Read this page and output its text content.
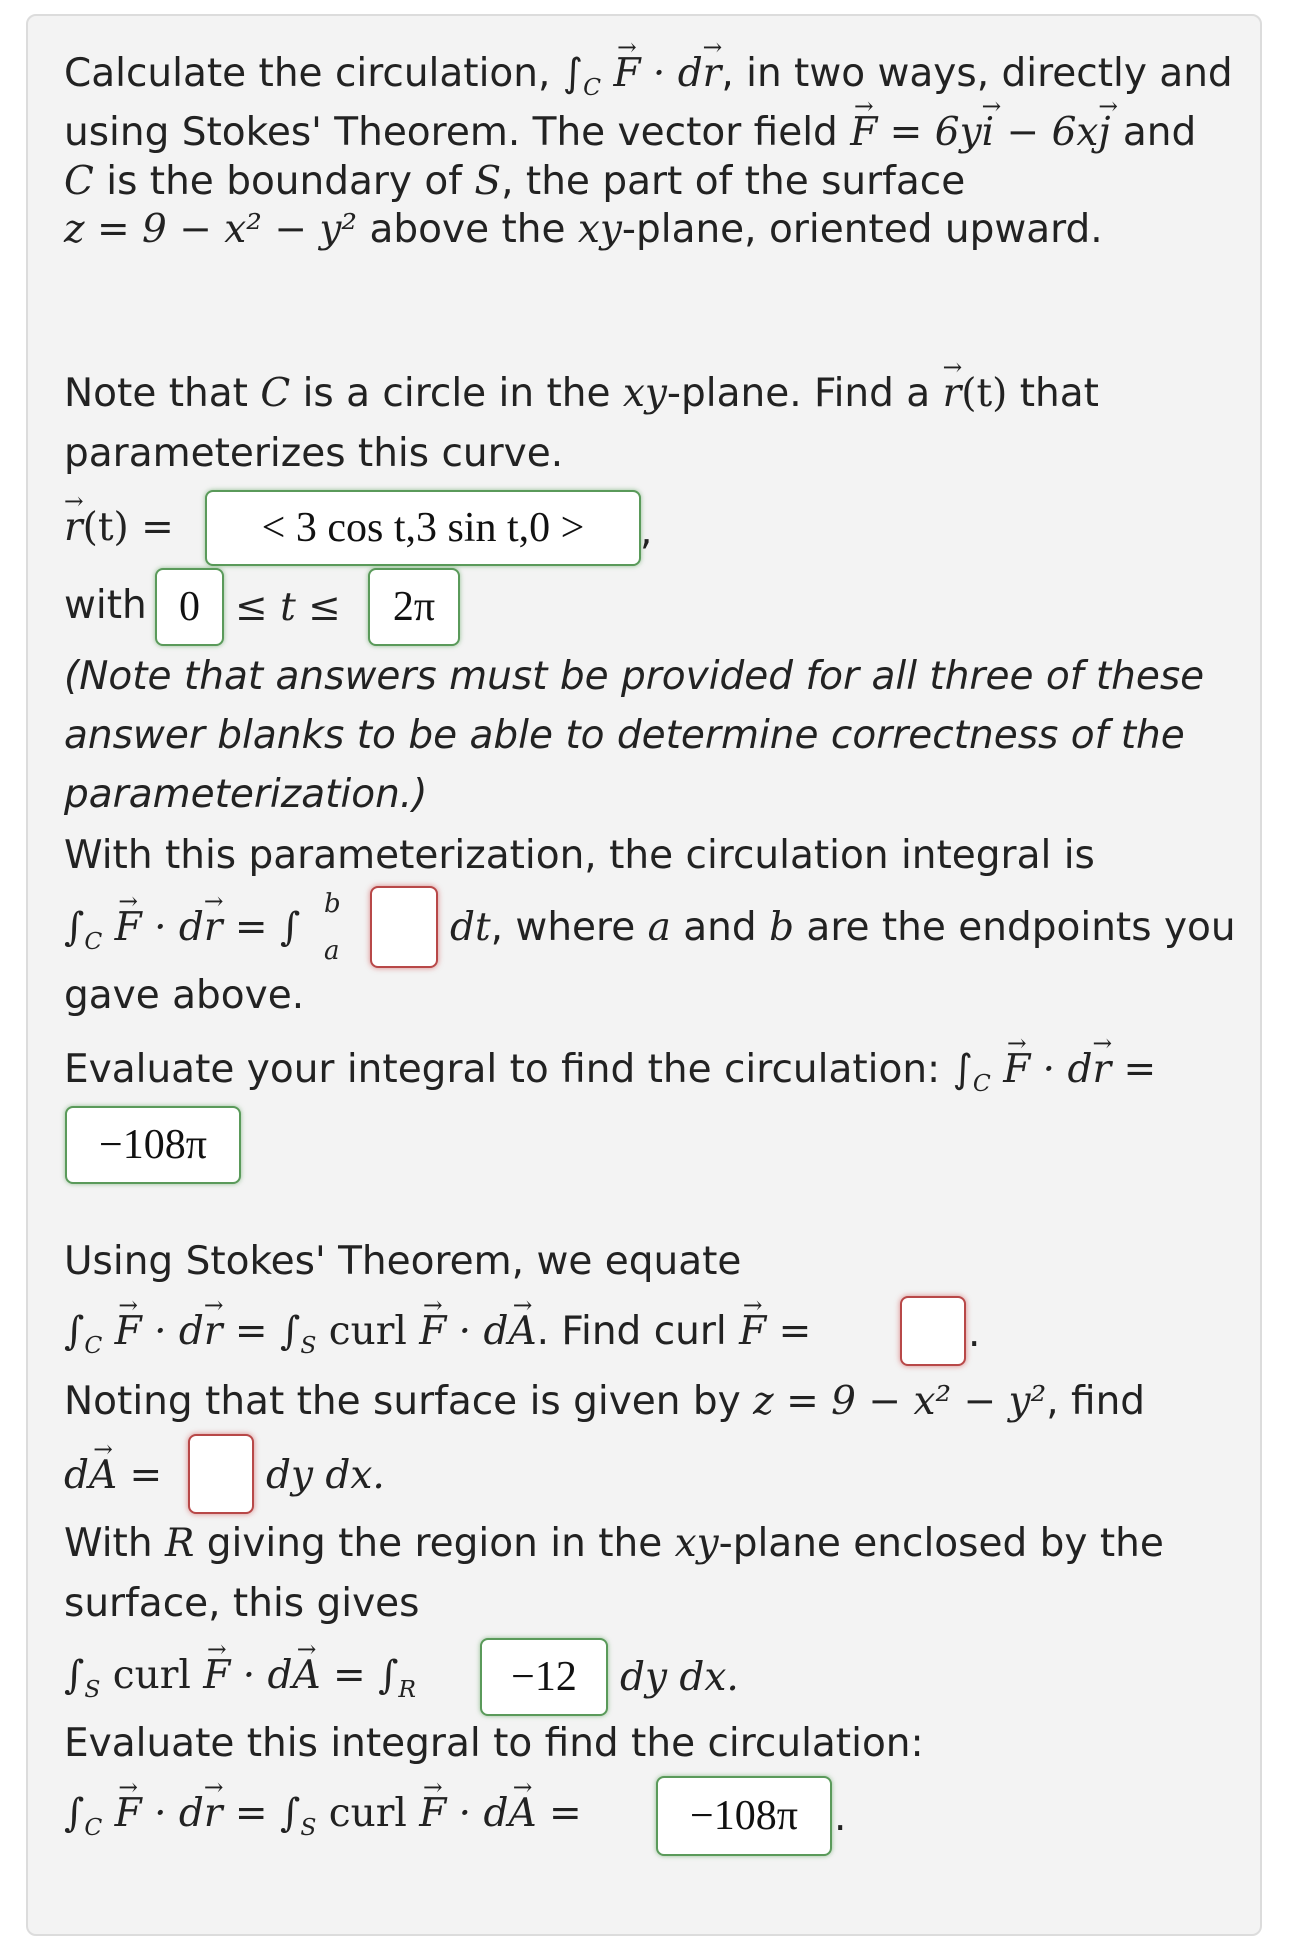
Calculate the circulation, $\int_C \to F \cdot d\to r$, in two ways, directly and
using Stokes' Theorem. The vector field → F = 6y→ i − 6x→ j and
C is the boundary of S, the part of the surface
z = 9 − x² − y² above the xy-plane, oriented upward.
Note that C is a circle in the xy-plane. Find a → r(t) that
parameterizes this curve.
→ r(t) = < 3 cos t,3 sin t,0 > ,
with 0 ≤ t ≤ 2π
(Note that answers must be provided for all three of these
answer blanks to be able to determine correctness of the
parameterization.)
With this parameterization, the circulation integral is
$\int_C \to F \cdot d\to r$ = ∫
b
a
dt, where a and b are the endpoints you
gave above.
Evaluate your integral to find the circulation: $\int_C \to F \cdot d\to r$ =
−108π
Using Stokes' Theorem, we equate
$\int_C \to F \cdot d\to r = \int_S$ curl → F · d→ A. Find curl → F =	.
Noting that the surface is given by z = 9 − x² − y², find
d→ A =	dy dx.
With R giving the region in the xy-plane enclosed by the
surface, this gives
$\int_S$ curl → $F \cdot d\to A = \int_R -12$ dy dx.
Evaluate this integral to find the circulation:
$\int_C \to F \cdot d\to r = \int_S$ curl → F · d→ A =	−108π .
